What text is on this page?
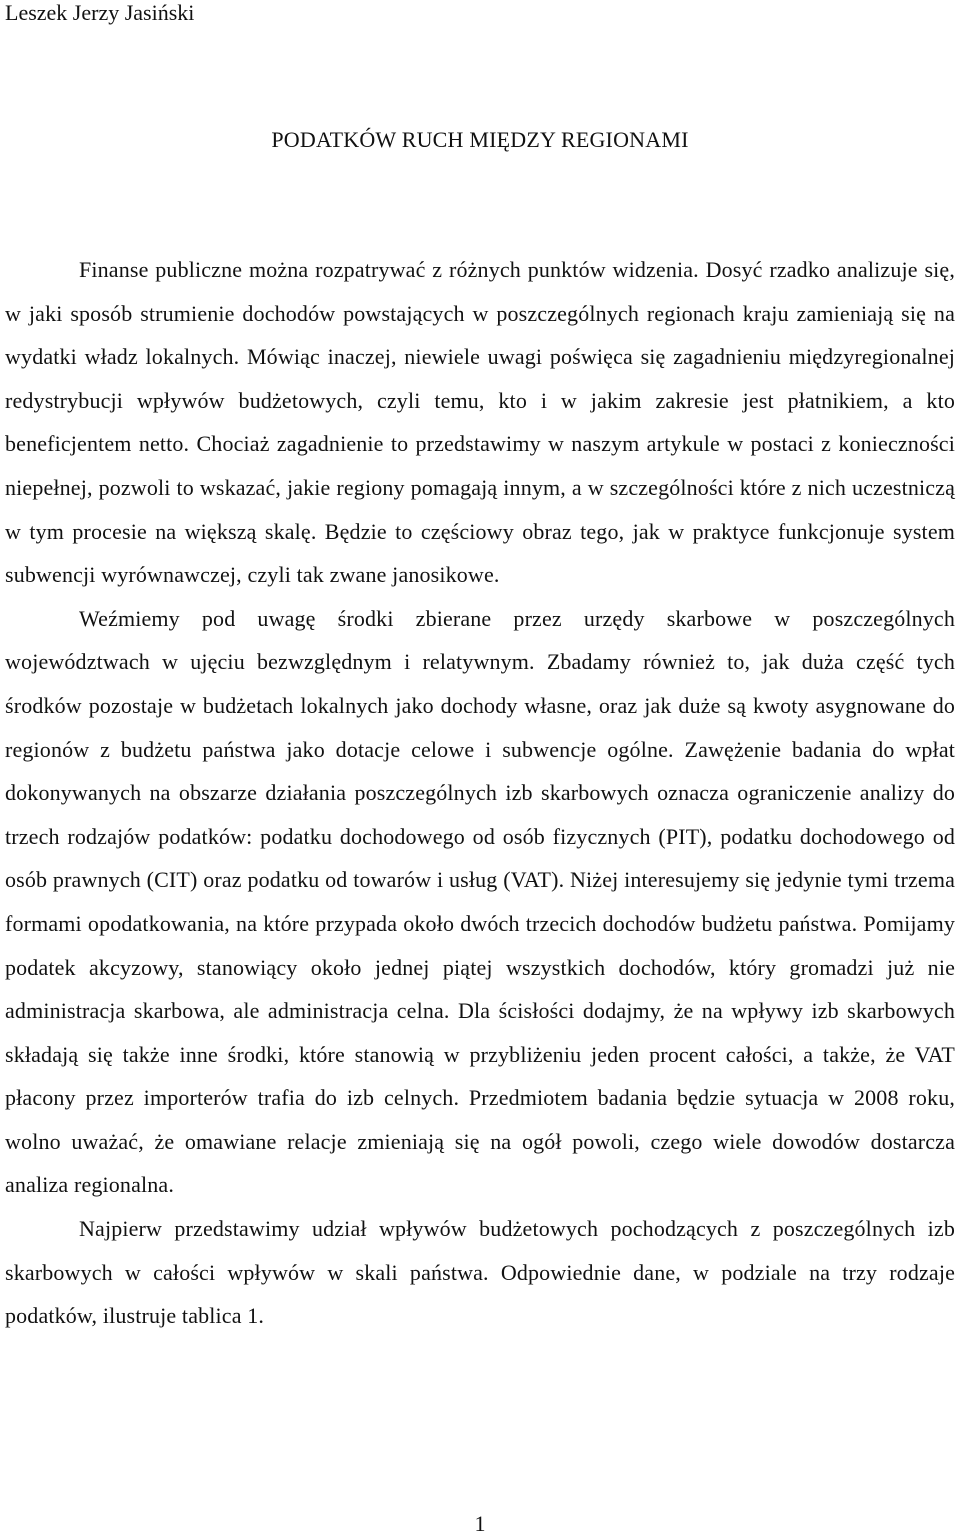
Leszek Jerzy Jasiński
PODATKÓW RUCH MIĘDZY REGIONAMI

Finanse publiczne można rozpatrywać z różnych punktów widzenia. Dosyć rzadko analizuje się, w jaki sposób strumienie dochodów powstających w poszczególnych regionach kraju zamieniają się na wydatki władz lokalnych. Mówiąc inaczej, niewiele uwagi poświęca się zagadnieniu międzyregionalnej redystrybucji wpływów budżetowych, czyli temu, kto i w jakim zakresie jest płatnikiem, a kto beneficjentem netto. Chociaż zagadnienie to przedstawimy w naszym artykule w postaci z konieczności niepełnej, pozwoli to wskazać, jakie regiony pomagają innym, a w szczególności które z nich uczestniczą w tym procesie na większą skalę. Będzie to częściowy obraz tego, jak w praktyce funkcjonuje system subwencji wyrównawczej, czyli tak zwane janosikowe.

Weźmiemy pod uwagę środki zbierane przez urzędy skarbowe w poszczególnych województwach w ujęciu bezwzględnym i relatywnym. Zbadamy również to, jak duża część tych środków pozostaje w budżetach lokalnych jako dochody własne, oraz jak duże są kwoty asygnowane do regionów z budżetu państwa jako dotacje celowe i subwencje ogólne. Zawężenie badania do wpłat dokonywanych na obszarze działania poszczególnych izb skarbowych oznacza ograniczenie analizy do trzech rodzajów podatków: podatku dochodowego od osób fizycznych (PIT), podatku dochodowego od osób prawnych (CIT) oraz podatku od towarów i usług (VAT). Niżej interesujemy się jedynie tymi trzema formami opodatkowania, na które przypada około dwóch trzecich dochodów budżetu państwa. Pomijamy podatek akcyzowy, stanowiący około jednej piątej wszystkich dochodów, który gromadzi już nie administracja skarbowa, ale administracja celna. Dla ścisłości dodajmy, że na wpływy izb skarbowych składają się także inne środki, które stanowią w przybliżeniu jeden procent całości, a także, że VAT płacony przez importerów trafia do izb celnych. Przedmiotem badania będzie sytuacja w 2008 roku, wolno uważać, że omawiane relacje zmieniają się na ogół powoli, czego wiele dowodów dostarcza analiza regionalna.

Najpierw przedstawimy udział wpływów budżetowych pochodzących z poszczególnych izb skarbowych w całości wpływów w skali państwa. Odpowiednie dane, w podziale na trzy rodzaje podatków, ilustruje tablica 1.

1
